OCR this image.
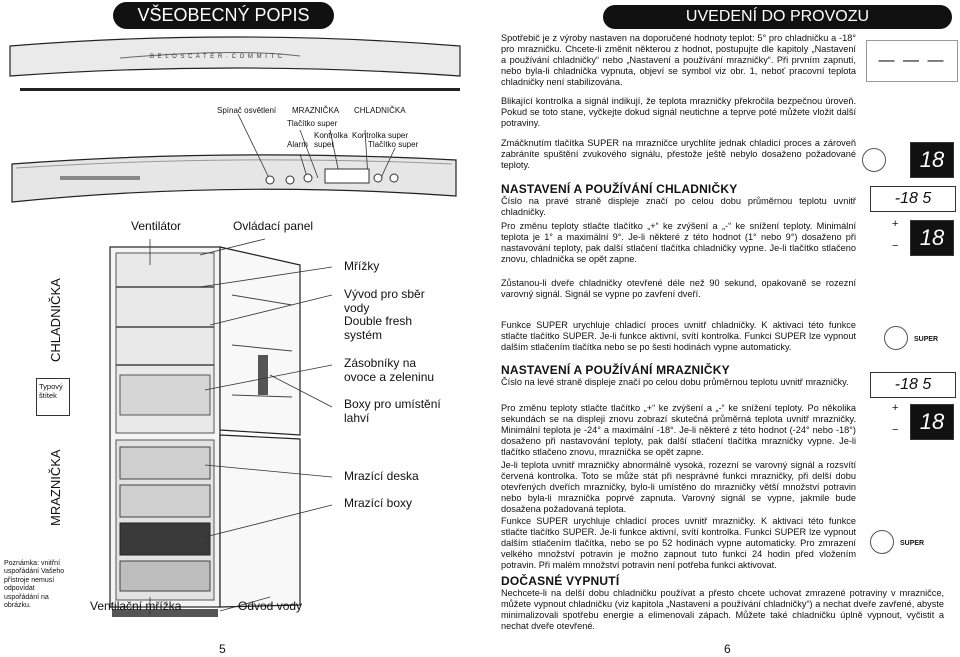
VŠEOBECNÝ POPIS
B E L O S C A T E R · C O M M I T C
Spínač osvětlení MRAZNIČKA CHLADNIČKA
Tlačítko super
Kontrolka
super
Alarm
Kontrolka super
Tlačítko super
Ventilátor	Ovládací panel
Mřížky
Vývod pro sběr
vody
Double fresh
systém
Zásobníky na
ovoce a zeleninu
Boxy pro umístění
lahví
Mrazící deska
Mrazící boxy
Ventilační mřížka	Odvod vody
CHLADNIČKA
MRAZNIČKA
Typový
štítek
Poznámka: vnitřní
uspořádání Vašeho
přístroje nemusí
odpovídat
uspořádání na
obrázku.
5
UVEDENÍ DO PROVOZU
Spotřebič je z výroby nastaven na doporučené hodnoty teplot: 5° pro chladničku a -18° pro mrazničku. Chcete-li změnit některou z hodnot, postupujte dle kapitoly „Nastavení a používání chladničky“ nebo „Nastavení a používání mrazničky“. Při prvním zapnutí, nebo byla-li chladnička vypnuta, objeví se symbol viz obr. 1, neboť pracovní teplota chladničky není stabilizována.
Blikající kontrolka a signál indikují, že teplota mrazničky překročila bezpečnou úroveň. Pokud se toto stane, vyčkejte dokud signál neutichne a teprve poté můžete vložit další potraviny.
Zmáčknutím tlačítka SUPER na mrazničce urychlíte jednak chladicí proces a zároveň zabráníte spuštění zvukového signálu, přestože ještě nebylo dosaženo požadované teploty.
NASTAVENÍ A POUŽÍVÁNÍ CHLADNIČKY
Číslo na pravé straně displeje značí po celou dobu průměrnou teplotu uvnitř chladničky.
Pro změnu teploty stlačte tlačítko „+“ ke zvýšení a „-“ ke snížení teploty. Minimální teplota je 1° a maximální 9°. Je-li některé z této hodnot (1° nebo 9°) dosaženo při nastavování teploty, pak další stlačení tlačítka chladničky vypne. Je-li tlačítko stlačeno znovu, chladnička se opět zapne.
Zůstanou-li dveře chladničky otevřené déle než 90 sekund, opakovaně se rozezní varovný signál. Signál se vypne po zavření dveří.
Funkce SUPER urychluje chladicí proces uvnitř chladničky. K aktivaci této funkce stlačte tlačítko SUPER. Je-li funkce aktivní, svítí kontrolka. Funkci SUPER lze vypnout dalším stlačením tlačítka nebo se po šesti hodinách vypne automaticky.
NASTAVENÍ A POUŽÍVÁNÍ MRAZNIČKY
Číslo na levé straně displeje značí po celou dobu průměrnou teplotu uvnitř mrazničky.
Pro změnu teploty stlačte tlačítko „+“ ke zvýšení a „-“ ke snížení teploty. Po několika sekundách se na displeji znovu zobrazí skutečná průměrná teplota uvnitř mrazničky. Minimální teplota je -24° a maximální -18°. Je-li některé z této hodnot (-24° nebo -18°) dosaženo při nastavování teploty, pak další stlačení tlačítka mrazničky vypne. Je-li tlačítko stlačeno znovu, mraznička se opět zapne.
Je-li teplota uvnitř mrazničky abnormálně vysoká, rozezní se varovný signál a rozsvítí červená kontrolka. Toto se může stát při nesprávné funkci mrazničky, při delší dobu otevřených dveřích mrazničky, bylo-li umístěno do mrazničky větší množství potravin nebo byla-li mraznička poprvé zapnuta. Varovný signál se vypne, jakmile bude dosažena požadovaná teplota.
Funkce SUPER urychluje chladicí proces uvnitř mrazničky. K aktivaci této funkce stlačte tlačítko SUPER. Je-li funkce aktivní, svítí kontrolka. Funkci SUPER lze vypnout dalším stlačením tlačítka, nebo se po 52 hodinách vypne automaticky. Pro zmrazení velkého množství potravin je možno zapnout tuto funkci 24 hodin před vložením potravin. Při malém množství potravin není potřeba funkci aktivovat.
DOČASNÉ VYPNUTÍ
Nechcete-li na delší dobu chladničku používat a přesto chcete uchovat zmrazené potraviny v mrazničce, můžete vypnout chladničku (viz kapitola „Nastavení a používání chladničky“) a nechat dveře zavřené, abyste minimalizovali spotřebu energie a elimenovali zápach. Můžete také chladničku úplně vypnout, vyčistit a nechat dveře otevřené.
— — —
18
-18 5
+
− 18
SUPER
-18 5
+
− 18
SUPER
6
